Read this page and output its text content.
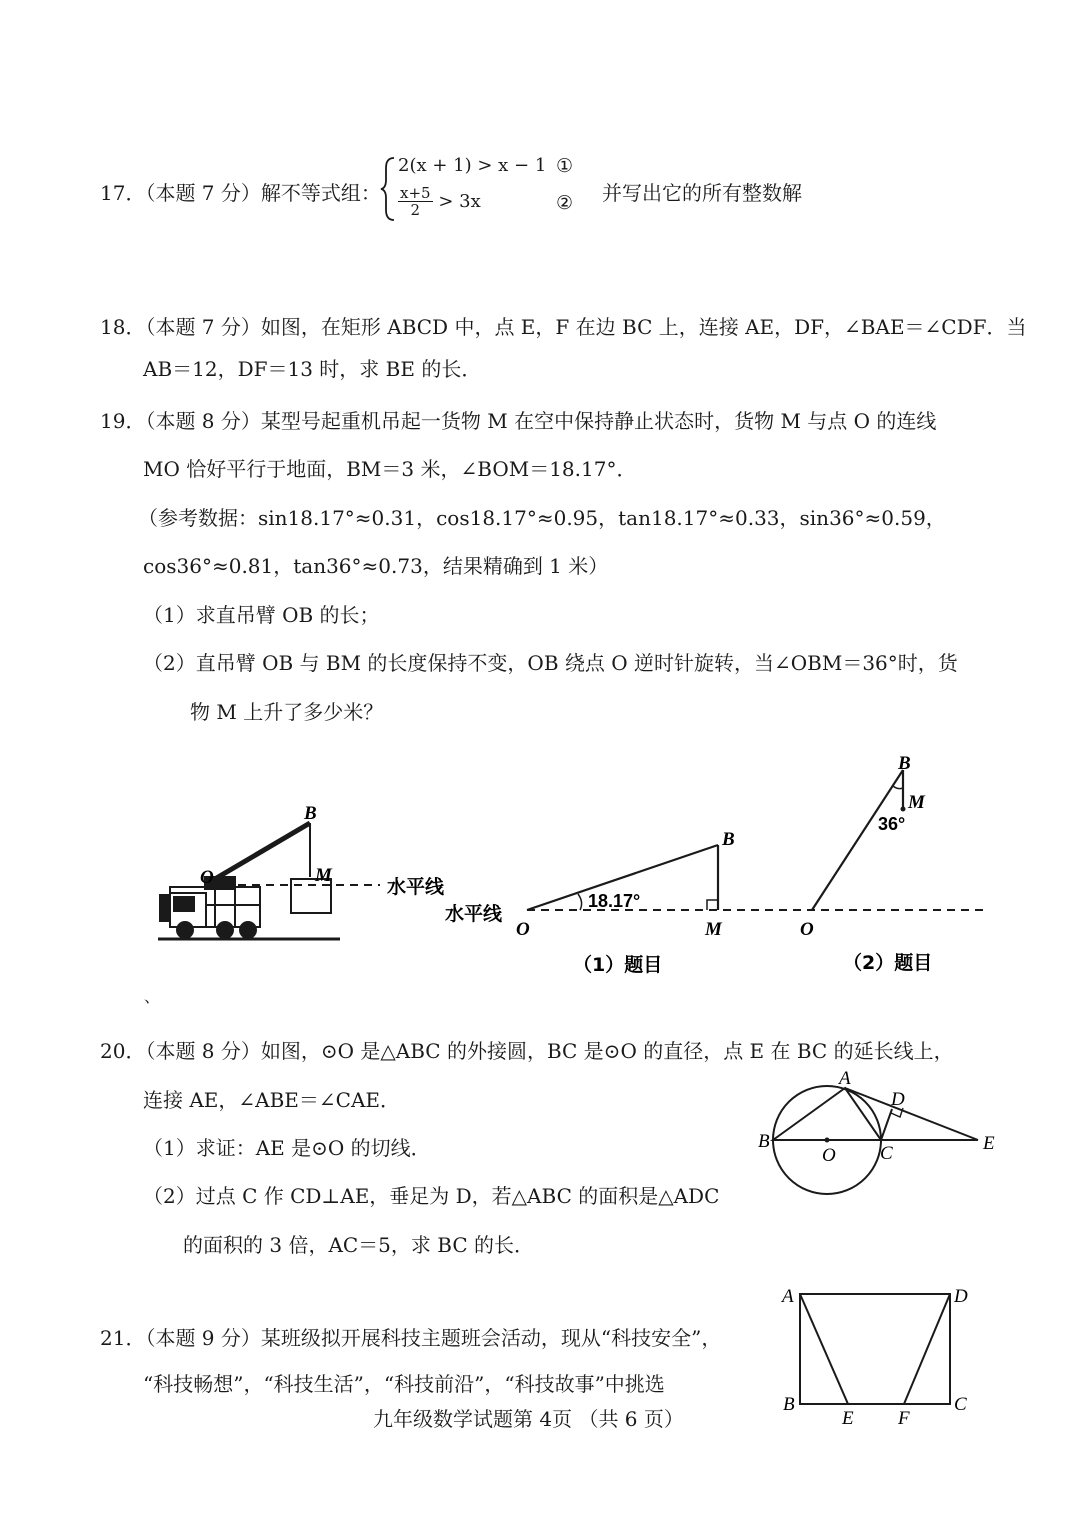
17．（本题 7 分）解不等式组：
2(x + 1) > x − 1 ①
$\frac{x+5}{2} > 3x$	② 并写出它的所有整数解
18．（本题 7 分）如图，在矩形 ABCD 中，点 E，F 在边 BC 上，连接 AE，DF，∠BAE＝∠CDF．当
AB＝12，DF＝13 时，求 BE 的长．
19．（本题 8 分）某型号起重机吊起一货物 M 在空中保持静止状态时，货物 M 与点 O 的连线
MO 恰好平行于地面，BM＝3 米，∠BOM＝18.17°．
（参考数据：sin18.17°≈0.31，cos18.17°≈0.95，tan18.17°≈0.33，sin36°≈0.59，
cos36°≈0.81，tan36°≈0.73，结果精确到 1 米）
（1）求直吊臂 OB 的长；
（2）直吊臂 OB 与 BM 的长度保持不变，OB 绕点 O 逆时针旋转，当∠OBM＝36°时，货
物 M 上升了多少米？
B
O	M
水平线
水平线
B
O	M
18.17°
（1）题目
B
M
36°
O
（2）题目
、
20．（本题 8 分）如图，⊙O 是△ABC 的外接圆，BC 是⊙O 的直径，点 E 在 BC 的延长线上，
连接 AE，∠ABE＝∠CAE．
（1）求证：AE 是⊙O 的切线．
（2）过点 C 作 CD⊥AE，垂足为 D，若△ABC 的面积是△ADC
的面积的 3 倍，AC＝5，求 BC 的长．
A
B
C
D
E
O
21．（本题 9 分）某班级拟开展科技主题班会活动，现从“科技安全”，
“科技畅想”，“科技生活”，“科技前沿”，“科技故事”中挑选
A	D
B	C
E F
九年级数学试题第 4页 （共 6 页）
